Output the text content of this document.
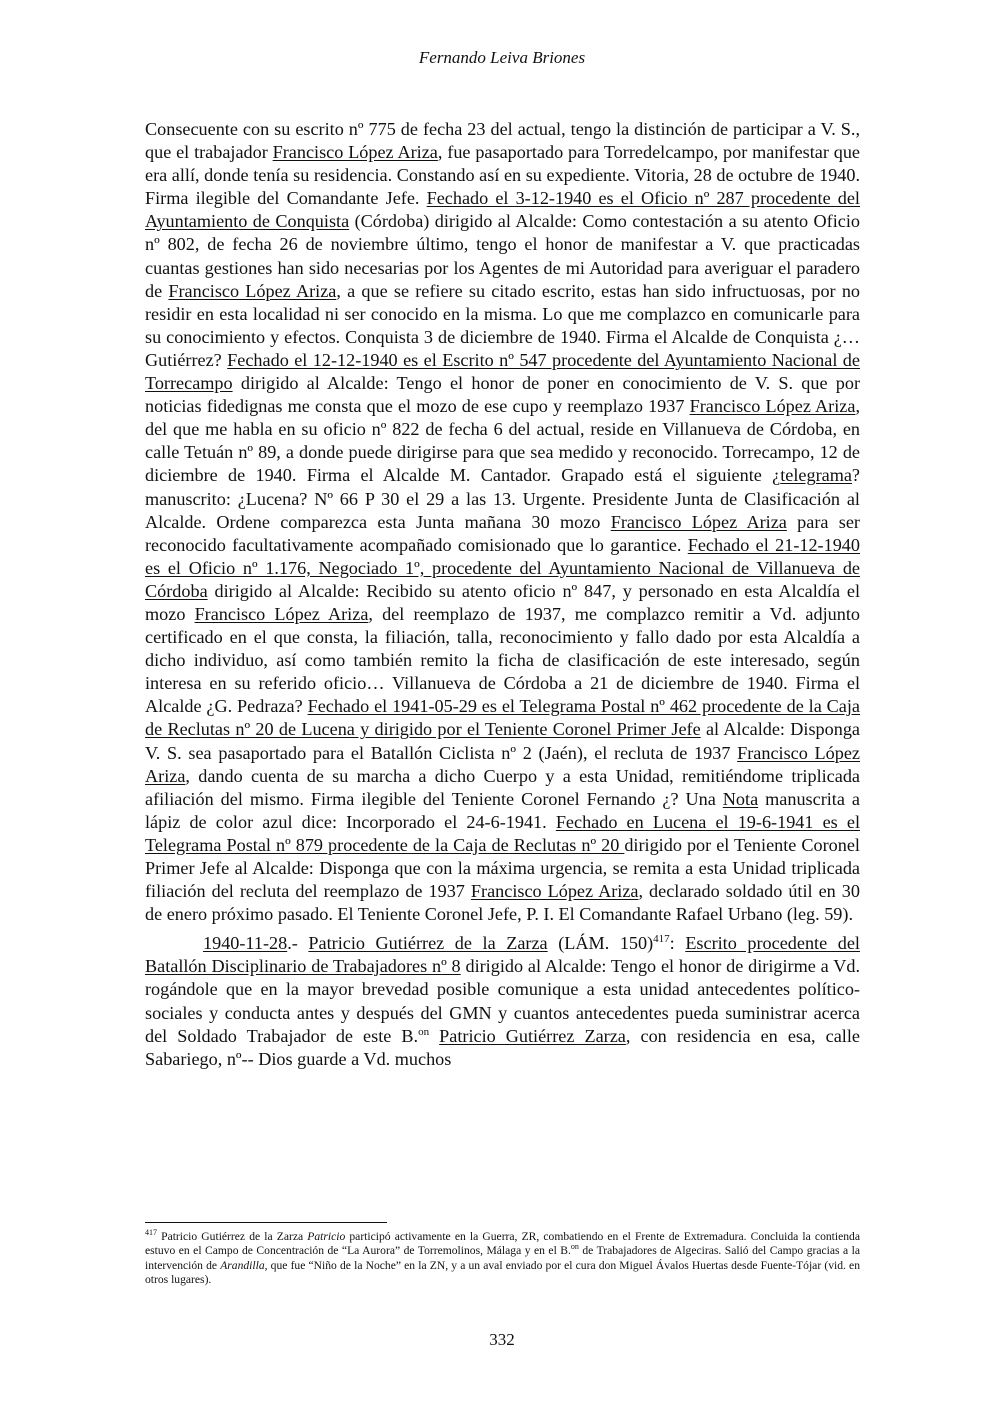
Fernando Leiva Briones

Consecuente con su escrito nº 775 de fecha 23 del actual, tengo la distinción de participar a V. S., que el trabajador Francisco López Ariza, fue pasaportado para Torredelcampo, por manifestar que era allí, donde tenía su residencia. Constando así en su expediente. Vitoria, 28 de octubre de 1940. Firma ilegible del Comandante Jefe. Fechado el 3-12-1940 es el Oficio nº 287 procedente del Ayuntamiento de Conquista (Córdoba) dirigido al Alcalde: Como contestación a su atento Oficio nº 802, de fecha 26 de noviembre último, tengo el honor de manifestar a V. que practicadas cuantas gestiones han sido necesarias por los Agentes de mi Autoridad para averiguar el paradero de Francisco López Ariza, a que se refiere su citado escrito, estas han sido infructuosas, por no residir en esta localidad ni ser conocido en la misma. Lo que me complazco en comunicarle para su conocimiento y efectos. Conquista 3 de diciembre de 1940. Firma el Alcalde de Conquista ¿… Gutiérrez? Fechado el 12-12-1940 es el Escrito nº 547 procedente del Ayuntamiento Nacional de Torrecampo dirigido al Alcalde: Tengo el honor de poner en conocimiento de V. S. que por noticias fidedignas me consta que el mozo de ese cupo y reemplazo 1937 Francisco López Ariza, del que me habla en su oficio nº 822 de fecha 6 del actual, reside en Villanueva de Córdoba, en calle Tetuán nº 89, a donde puede dirigirse para que sea medido y reconocido. Torrecampo, 12 de diciembre de 1940. Firma el Alcalde M. Cantador. Grapado está el siguiente ¿telegrama? manuscrito: ¿Lucena? Nº 66 P 30 el 29 a las 13. Urgente. Presidente Junta de Clasificación al Alcalde. Ordene comparezca esta Junta mañana 30 mozo Francisco López Ariza para ser reconocido facultativamente acompañado comisionado que lo garantice. Fechado el 21-12-1940 es el Oficio nº 1.176, Negociado 1º, procedente del Ayuntamiento Nacional de Villanueva de Córdoba dirigido al Alcalde: Recibido su atento oficio nº 847, y personado en esta Alcaldía el mozo Francisco López Ariza, del reemplazo de 1937, me complazco remitir a Vd. adjunto certificado en el que consta, la filiación, talla, reconocimiento y fallo dado por esta Alcaldía a dicho individuo, así como también remito la ficha de clasificación de este interesado, según interesa en su referido oficio… Villanueva de Córdoba a 21 de diciembre de 1940. Firma el Alcalde ¿G. Pedraza? Fechado el 1941-05-29 es el Telegrama Postal nº 462 procedente de la Caja de Reclutas nº 20 de Lucena y dirigido por el Teniente Coronel Primer Jefe al Alcalde: Disponga V. S. sea pasaportado para el Batallón Ciclista nº 2 (Jaén), el recluta de 1937 Francisco López Ariza, dando cuenta de su marcha a dicho Cuerpo y a esta Unidad, remitiéndome triplicada afiliación del mismo. Firma ilegible del Teniente Coronel Fernando ¿? Una Nota manuscrita a lápiz de color azul dice: Incorporado el 24-6-1941. Fechado en Lucena el 19-6-1941 es el Telegrama Postal nº 879 procedente de la Caja de Reclutas nº 20 dirigido por el Teniente Coronel Primer Jefe al Alcalde: Disponga que con la máxima urgencia, se remita a esta Unidad triplicada filiación del recluta del reemplazo de 1937 Francisco López Ariza, declarado soldado útil en 30 de enero próximo pasado. El Teniente Coronel Jefe, P. I. El Comandante Rafael Urbano (leg. 59).

1940-11-28.- Patricio Gutiérrez de la Zarza (LÁM. 150)$^{417}$: Escrito procedente del Batallón Disciplinario de Trabajadores nº 8 dirigido al Alcalde: Tengo el honor de dirigirme a Vd. rogándole que en la mayor brevedad posible comunique a esta unidad antecedentes político-sociales y conducta antes y después del GMN y cuantos antecedentes pueda suministrar acerca del Soldado Trabajador de este B.$^{on}$ Patricio Gutiérrez Zarza, con residencia en esa, calle Sabariego, nº-- Dios guarde a Vd. muchos

$^{417}$ Patricio Gutiérrez de la Zarza Patricio participó activamente en la Guerra, ZR, combatiendo en el Frente de Extremadura. Concluida la contienda estuvo en el Campo de Concentración de “La Aurora” de Torremolinos, Málaga y en el B.$^{on}$ de Trabajadores de Algeciras. Salió del Campo gracias a la intervención de Arandilla, que fue “Niño de la Noche” en la ZN, y a un aval enviado por el cura don Miguel Ávalos Huertas desde Fuente-Tójar (vid. en otros lugares).
332
